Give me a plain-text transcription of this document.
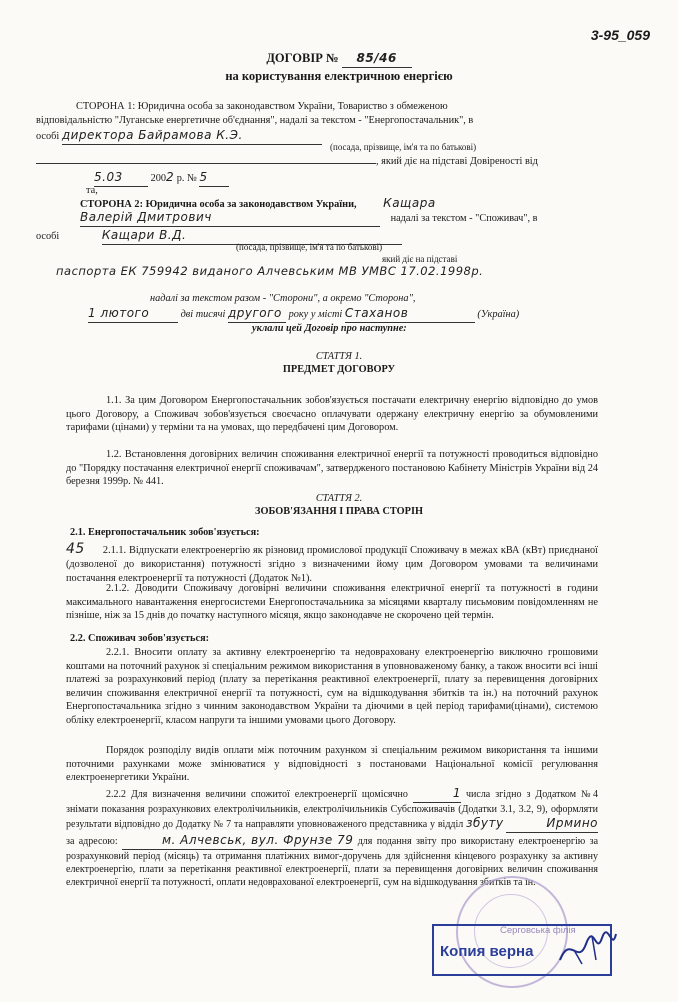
3-95_059
ДОГОВІР № 85/46
на користування електричною енергією
СТОРОНА 1: Юридична особа за законодавством України, Товариство з обмеженою
відповідальністю "Луганське енергетичне об'єднання", надалі за текстом - "Енергопостачальник", в
особі директора Байрамова К.Э.
(посада, прізвище, ім'я та по батькові)
, який діє на підставі Довіреності від
5.03	2002 р. № 5
та,
СТОРОНА 2: Юридична особа за законодавством України, Кащара
Валерій Дмитрович	надалі за текстом - "Споживач", в
особі	Кащари В.Д.
(посада, прізвище, ім'я та по батькові)
який діє на підставі
паспорта ЕК 759942 виданого Алчевським МВ УМВС 17.02.1998р.
надалі за текстом разом - "Сторони", а окремо "Сторона",
1 лютого	дві тисячі другого року у місті Стаханов	(Україна)
уклали цей Договір про наступне:
СТАТТЯ 1.
ПРЕДМЕТ ДОГОВОРУ
1.1. За цим Договором Енергопостачальник зобов'язується постачати електричну енергію відповідно до умов цього Договору, а Споживач зобов'язується своєчасно оплачувати одержану електричну енергію за обумовленими тарифами (цінами) у терміни та на умовах, що передбачені цим Договором.
1.2. Встановлення договірних величин споживання електричної енергії та потужності проводиться відповідно до "Порядку постачання електричної енергії споживачам", затвердженого постановою Кабінету Міністрів України від 24 березня 1999р. № 441.
СТАТТЯ 2.
ЗОБОВ'ЯЗАННЯ І ПРАВА СТОРІН
2.1. Енергопостачальник зобов'язується:
45 2.1.1. Відпускати електроенергію як різновид промислової продукції Споживачу в межах кВА (кВт) приєднаної (дозволеної до використання) потужності згідно з визначеними йому цим Договором умовами та величинами постачання електроенергії та потужності (Додаток №1).
2.1.2. Доводити Споживачу договірні величини споживання електричної енергії та потужності в години максимального навантаження енергосистеми Енергопостачальника за місяцями кварталу письмовим повідомленням не пізніше, ніж за 15 днів до початку наступного місяця, якщо законодавче не скорочено цей термін.
2.2. Споживач зобов'язується:
2.2.1. Вносити оплату за активну електроенергію та недовраховану електроенергію виключно грошовими коштами на поточний рахунок зі спеціальним режимом використання в уповноваженому банку, а також вносити всі інші платежі за розрахунковий період (плату за перетікання реактивної електроенергії, плату за перевищення договірних величин споживання електричної енергії та потужності, сум на відшкодування збитків та ін.) на поточний рахунок Енергопостачальника згідно з чинним законодавством України та діючими в цей період тарифами(цінами), системою обліку електроенергії, класом напруги та іншими умовами цього Договору.
Порядок розподілу видів оплати між поточним рахунком зі спеціальним режимом використання та іншими поточними рахунками може змінюватися у відповідності з постановами Національної комісії регулювання електроенергетики України.
2.2.2 Для визначення величини спожитої електроенергії щомісячно	1 числа згідно з Додатком №4 знімати показання розрахункових електролічильників, електролічильників Субспоживачів (Додатки 3.1, 3.2, 9), оформляти результати відповідно до Додатку № 7 та направляти уповноваженого представника у відділ збуту	Ирмино за адресою:	м. Алчевськ, вул. Фрунзе 79 для подання звіту про використану електроенергію за розрахунковий період (місяць) та отримання платіжних вимог-доручень для здійснення кінцевого розрахунку за активну електроенергію, плати за перетікання реактивної електроенергії, плати за перевищення договірних величин споживання електричної енергії та потужності, оплати недоврахованої електроенергії, сум на відшкодування збитків та ін.
Серговська філія
Копия верна
